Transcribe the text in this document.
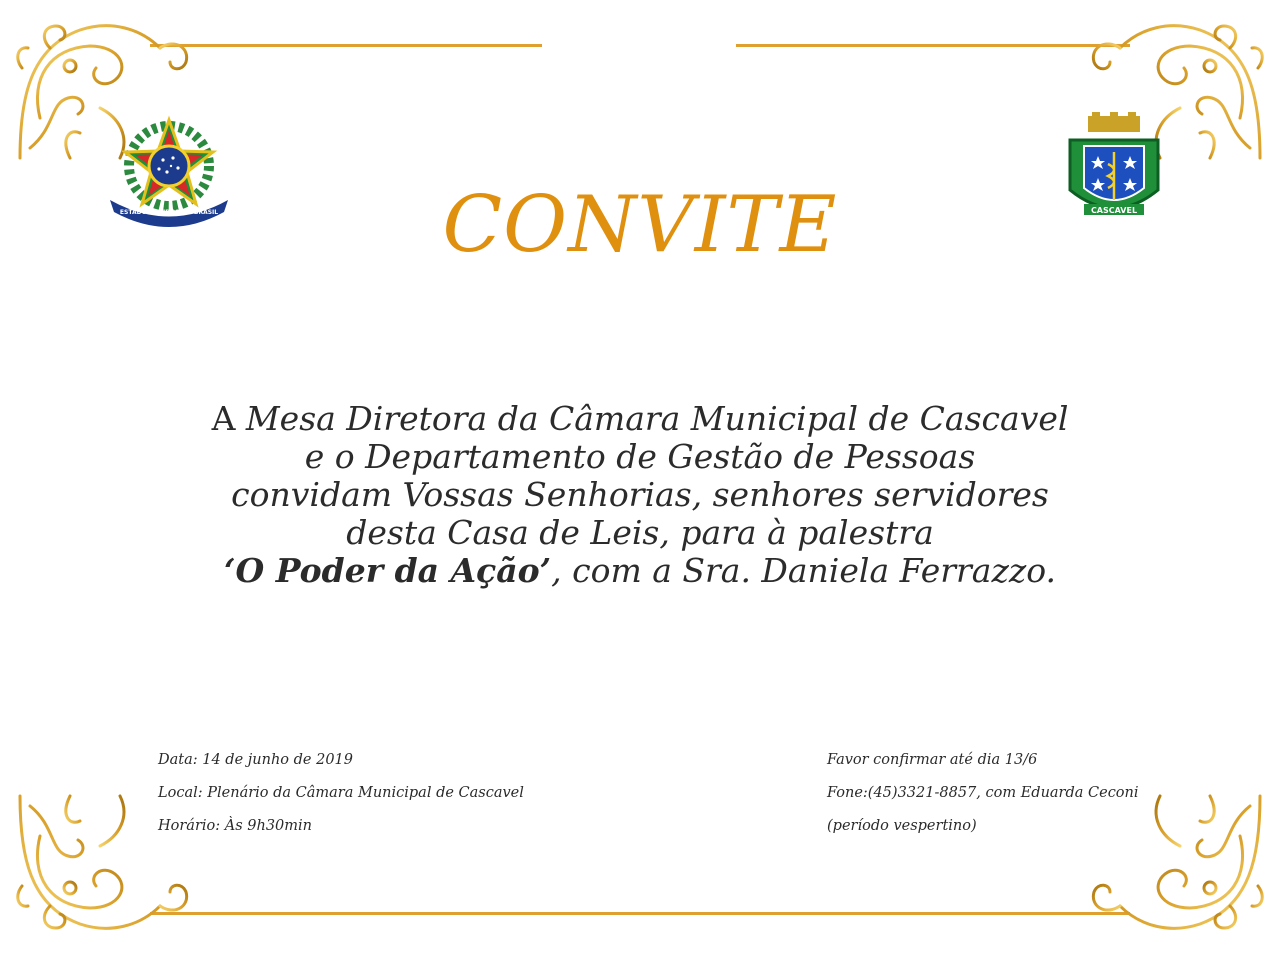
ESTADOS UNIDOS DO BRASIL	CASCAVEL
CONVITE
A Mesa Diretora da Câmara Municipal de Cascavel
e o Departamento de Gestão de Pessoas
convidam Vossas Senhorias, senhores servidores
desta Casa de Leis, para à palestra
‘O Poder da Ação’, com a Sra. Daniela Ferrazzo.
Data: 14 de junho de 2019
Local: Plenário da Câmara Municipal de Cascavel
Horário: Às 9h30min
Favor confirmar até dia 13/6
Fone:(45)3321-8857, com Eduarda Ceconi
(período vespertino)
